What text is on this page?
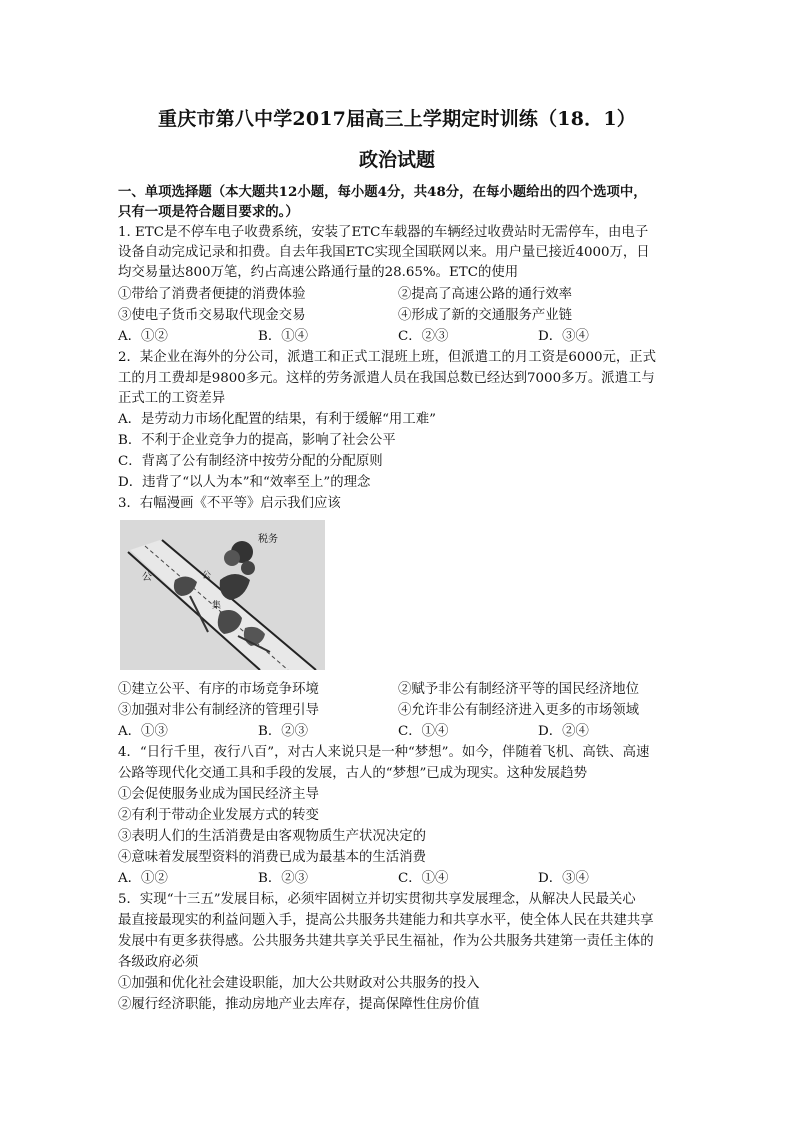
重庆市第八中学2017届高三上学期定时训练（18．1）
政治试题
一、单项选择题（本大题共12小题，每小题4分，共48分，在每小题给出的四个选项中，
只有一项是符合题目要求的。）
1. ETC是不停车电子收费系统，安装了ETC车载器的车辆经过收费站时无需停车，由电子
设备自动完成记录和扣费。自去年我国ETC实现全国联网以来。用户量已接近4000万，日
均交易量达800万笔，约占高速公路通行量的28.65%。ETC的使用
①带给了消费者便捷的消费体验	②提高了高速公路的通行效率
③使电子货币交易取代现金交易	④形成了新的交通服务产业链
A．①②	B．①④	C．②③	D．③④
2．某企业在海外的分公司，派遣工和正式工混班上班，但派遣工的月工资是6000元，正式
工的月工费却是9800多元。这样的劳务派遣人员在我国总数已经达到7000多万。派遣工与
正式工的工资差异
A．是劳动力市场化配置的结果，有利于缓解“用工难”
B．不利于企业竞争力的提高，影响了社会公平
C．背离了公有制经济中按劳分配的分配原则
D．违背了“以人为本”和“效率至上”的理念
3．右幅漫画《不平等》启示我们应该
税务
公	公
集
①建立公平、有序的市场竞争环境	②赋予非公有制经济平等的国民经济地位
③加强对非公有制经济的管理引导	④允许非公有制经济进入更多的市场领域
A．①③	B．②③	C．①④	D．②④
4．“日行千里，夜行八百”，对古人来说只是一种“梦想”。如今，伴随着飞机、高铁、高速
公路等现代化交通工具和手段的发展，古人的“梦想”已成为现实。这种发展趋势
①会促使服务业成为国民经济主导
②有利于带动企业发展方式的转变
③表明人们的生活消费是由客观物质生产状况决定的
④意味着发展型资料的消费已成为最基本的生活消费
A．①②	B．②③	C．①④	D．③④
5．实现“十三五”发展目标，必须牢固树立并切实贯彻共享发展理念，从解决人民最关心
最直接最现实的利益问题入手，提高公共服务共建能力和共享水平，使全体人民在共建共享
发展中有更多获得感。公共服务共建共享关乎民生福祉，作为公共服务共建第一责任主体的
各级政府必须
①加强和优化社会建设职能，加大公共财政对公共服务的投入
②履行经济职能，推动房地产业去库存，提高保障性住房价值
